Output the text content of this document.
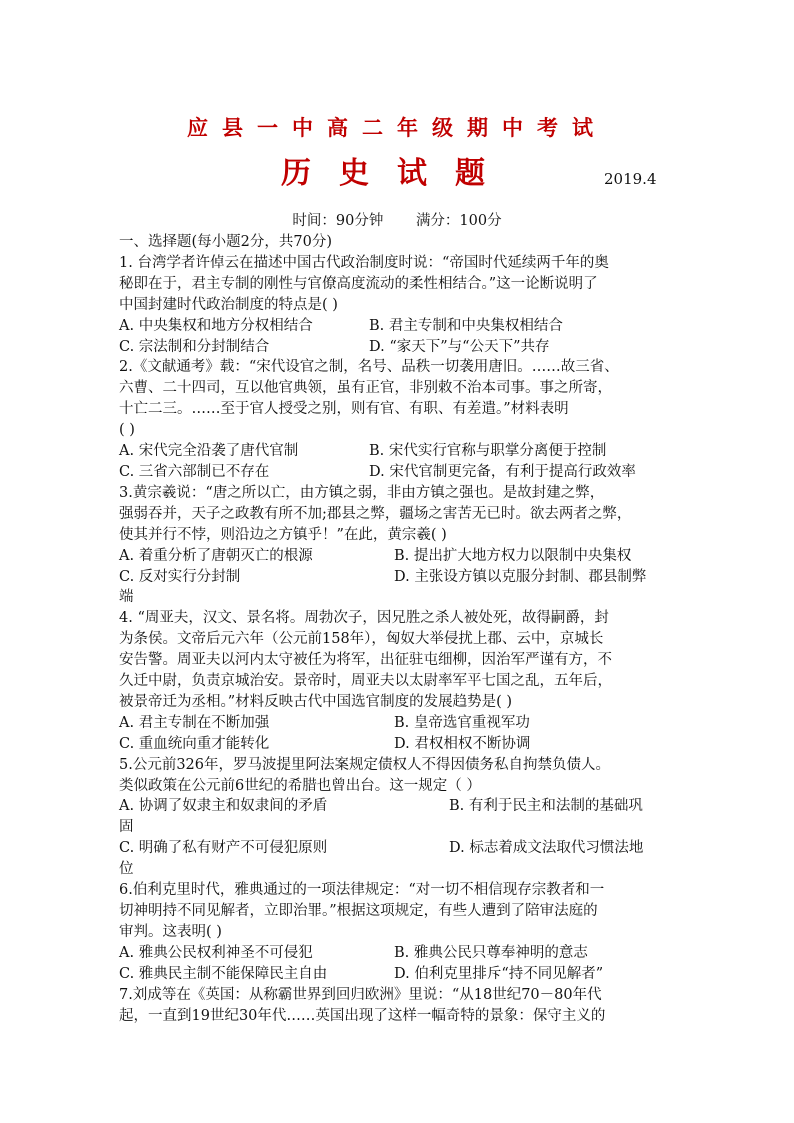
应县一中高二年级期中考试
历史试题	2019.4
时间：90分钟 满分：100分
一、选择题(每小题2分，共70分)
1. 台湾学者许倬云在描述中国古代政治制度时说：“帝国时代延续两千年的奥
秘即在于，君主专制的刚性与官僚高度流动的柔性相结合。”这一论断说明了
中国封建时代政治制度的特点是( )
A. 中央集权和地方分权相结合	B. 君主专制和中央集权相结合
C. 宗法制和分封制结合	D. “家天下”与“公天下”共存
2.《文献通考》载：“宋代设官之制，名号、品秩一切袭用唐旧。……故三省、
六曹、二十四司，互以他官典领，虽有正官，非别敕不治本司事。事之所寄，
十亡二三。……至于官人授受之别，则有官、有职、有差遣。”材料表明
( )
A. 宋代完全沿袭了唐代官制	B. 宋代实行官称与职掌分离便于控制
C. 三省六部制已不存在	D. 宋代官制更完备，有利于提高行政效率
3.黄宗羲说：“唐之所以亡，由方镇之弱，非由方镇之强也。是故封建之弊，
强弱吞并，天子之政教有所不加;郡县之弊，疆场之害苦无已时。欲去两者之弊，
使其并行不悖，则沿边之方镇乎！”在此，黄宗羲( )
A. 着重分析了唐朝灭亡的根源	B. 提出扩大地方权力以限制中央集权
C. 反对实行分封制	D. 主张设方镇以克服分封制、郡县制弊
端
4. “周亚夫，汉文、景名将。周勃次子，因兄胜之杀人被处死，故得嗣爵，封
为条侯。文帝后元六年（公元前158年），匈奴大举侵扰上郡、云中，京城长
安告警。周亚夫以河内太守被任为将军，出征驻屯细柳，因治军严谨有方，不
久迁中尉，负责京城治安。景帝时，周亚夫以太尉率军平七国之乱，五年后，
被景帝迁为丞相。”材料反映古代中国选官制度的发展趋势是( )
A. 君主专制在不断加强	B. 皇帝选官重视军功
C. 重血统向重才能转化	D. 君权相权不断协调
5.公元前326年，罗马波提里阿法案规定债权人不得因债务私自拘禁负债人。
类似政策在公元前6世纪的希腊也曾出台。这一规定（ ）
A. 协调了奴隶主和奴隶间的矛盾	B. 有利于民主和法制的基础巩
固
C. 明确了私有财产不可侵犯原则	D. 标志着成文法取代习惯法地
位
6.伯利克里时代，雅典通过的一项法律规定：“对一切不相信现存宗教者和一
切神明持不同见解者，立即治罪。”根据这项规定，有些人遭到了陪审法庭的
审判。这表明( )
A. 雅典公民权利神圣不可侵犯	B. 雅典公民只尊奉神明的意志
C. 雅典民主制不能保障民主自由	D. 伯利克里排斥“持不同见解者”
7.刘成等在《英国：从称霸世界到回归欧洲》里说：“从18世纪70－80年代
起，一直到19世纪30年代……英国出现了这样一幅奇特的景象：保守主义的
